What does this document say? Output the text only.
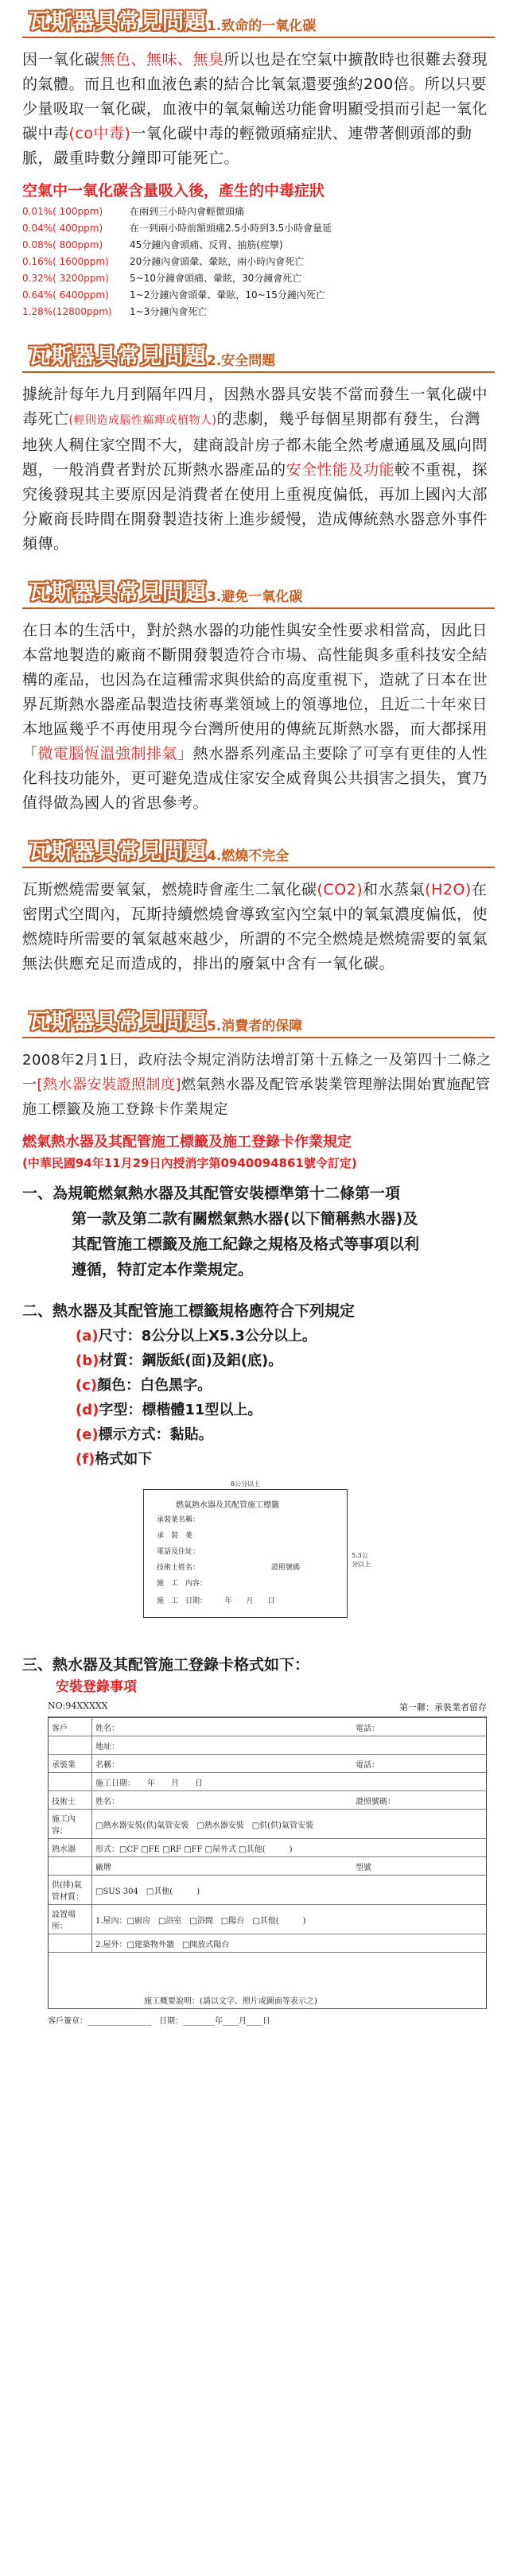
瓦斯器具常見問題 1.致命的一氧化碳
因一氧化碳無色、無味、無臭所以也是在空氣中擴散時也很難去發現的氣體。而且也和血液色素的結合比氧氣還要強約200倍。所以只要少量吸取一氧化碳，血液中的氧氣輸送功能會明顯受損而引起一氧化碳中毒(co中毒)一氧化碳中毒的輕微頭痛症狀、連帶著側頭部的動脈，嚴重時數分鐘即可能死亡。
空氣中一氧化碳含量吸入後，產生的中毒症狀
0.01%( 100ppm)	在兩到三小時內會輕微頭痛
0.04%( 400ppm)	在一到兩小時前額頭痛2.5小時到3.5小時會量延
0.08%( 800ppm)	45分鐘內會頭痛、反胃、抽筋(痙攣)
0.16%( 1600ppm)	20分鐘內會頭暈、暈眩，兩小時內會死亡
0.32%( 3200ppm)	5~10分鐘會頭痛、暈眩，30分鐘會死亡
0.64%( 6400ppm)	1~2分鐘內會頭暈、暈眩，10~15分鐘內死亡
1.28%(12800ppm)	1~3分鐘內會死亡
瓦斯器具常見問題 2.安全問題
據統計每年九月到隔年四月，因熱水器具安裝不當而發生一氧化碳中毒死亡(輕則造成腦性痲痺或植物人)的悲劇，幾乎每個星期都有發生，台灣地狹人稠住家空間不大，建商設計房子都未能全然考慮通風及風向問題，一般消費者對於瓦斯熱水器產品的安全性能及功能較不重視，探究後發現其主要原因是消費者在使用上重視度偏低，再加上國內大部分廠商長時間在開發製造技術上進步緩慢，造成傳統熱水器意外事件頻傳。
瓦斯器具常見問題 3.避免一氧化碳
在日本的生活中，對於熱水器的功能性與安全性要求相當高，因此日本當地製造的廠商不斷開發製造符合市場、高性能與多重科技安全結構的產品，也因為在這種需求與供給的高度重視下，造就了日本在世界瓦斯熱水器產品製造技術專業領域上的領導地位，且近二十年來日本地區幾乎不再使用現今台灣所使用的傳統瓦斯熱水器，而大都採用「微電腦恆溫強制排氣」熱水器系列產品主要除了可享有更佳的人性化科技功能外，更可避免造成住家安全威脅與公共損害之損失，實乃值得做為國人的省思參考。
瓦斯器具常見問題 4.燃燒不完全
瓦斯燃燒需要氧氣，燃燒時會產生二氧化碳(CO2)和水蒸氣(H2O)在密閉式空間內，瓦斯持續燃燒會導致室內空氣中的氧氣濃度偏低，使燃燒時所需要的氧氣越來越少，所謂的不完全燃燒是燃燒需要的氧氣無法供應充足而造成的，排出的廢氣中含有一氧化碳。
瓦斯器具常見問題 5.消費者的保障
2008年2月1日，政府法令規定消防法增訂第十五條之一及第四十二條之一[熱水器安裝證照制度]燃氣熱水器及配管承裝業管理辦法開始實施配管施工標籤及施工登錄卡作業規定
燃氣熱水器及其配管施工標籤及施工登錄卡作業規定
(中華民國94年11月29日內授消字第0940094861號令訂定)
一、為規範燃氣熱水器及其配管安裝標準第十二條第一項
第一款及第二款有關燃氣熱水器(以下簡稱熱水器)及
其配管施工標籤及施工紀錄之規格及格式等事項以利
遵循，特訂定本作業規定。
二、熱水器及其配管施工標籤規格應符合下列規定
(a)尺寸：8公分以上X5.3公分以上。
(b)材質：鋼版紙(面)及鋁(底)。
(c)顏色：白色黑字。
(d)字型：標楷體11型以上。
(e)標示方式：黏貼。
(f)格式如下
8公分以上
5.3公分以上
燃氣熱水器及其配管施工標籤
承裝業名稱：
承　裝　業
電話及住址：
技術士姓名：	證照號碼
施　工　內容：
施　工　日期：　　　年　　月　　日
三、熱水器及其配管施工登錄卡格式如下：
安裝登錄事項
NO:94XXXXX	第一聯：承裝業者留存
客戶	姓名：	電話：
	地址：	
承裝業	名稱：	電話：
	施工日期：　　年　　月　　日	
技術士	姓名：	證照號碼：
施工內容：	□熱水器安裝(供)氣管安裝　□熱水器安裝　□供(供)氣管安裝	
熱水器	形式：□CF □FE □RF □FF □屋外式 □其他(　　　)	
	廠牌	型號
供(排)氣管材質：	□SUS 304　□其他(　　　)	
設置場所：	1.屋內：□廚房　□浴室　□浴間　□陽台　□其他(　　　)	
	2.屋外：□建築物外牆　□開放式陽台	
施工概要說明：(請以文字、照片或圖面等表示之)
客戶簽章：________________　日期：________年____月____日
